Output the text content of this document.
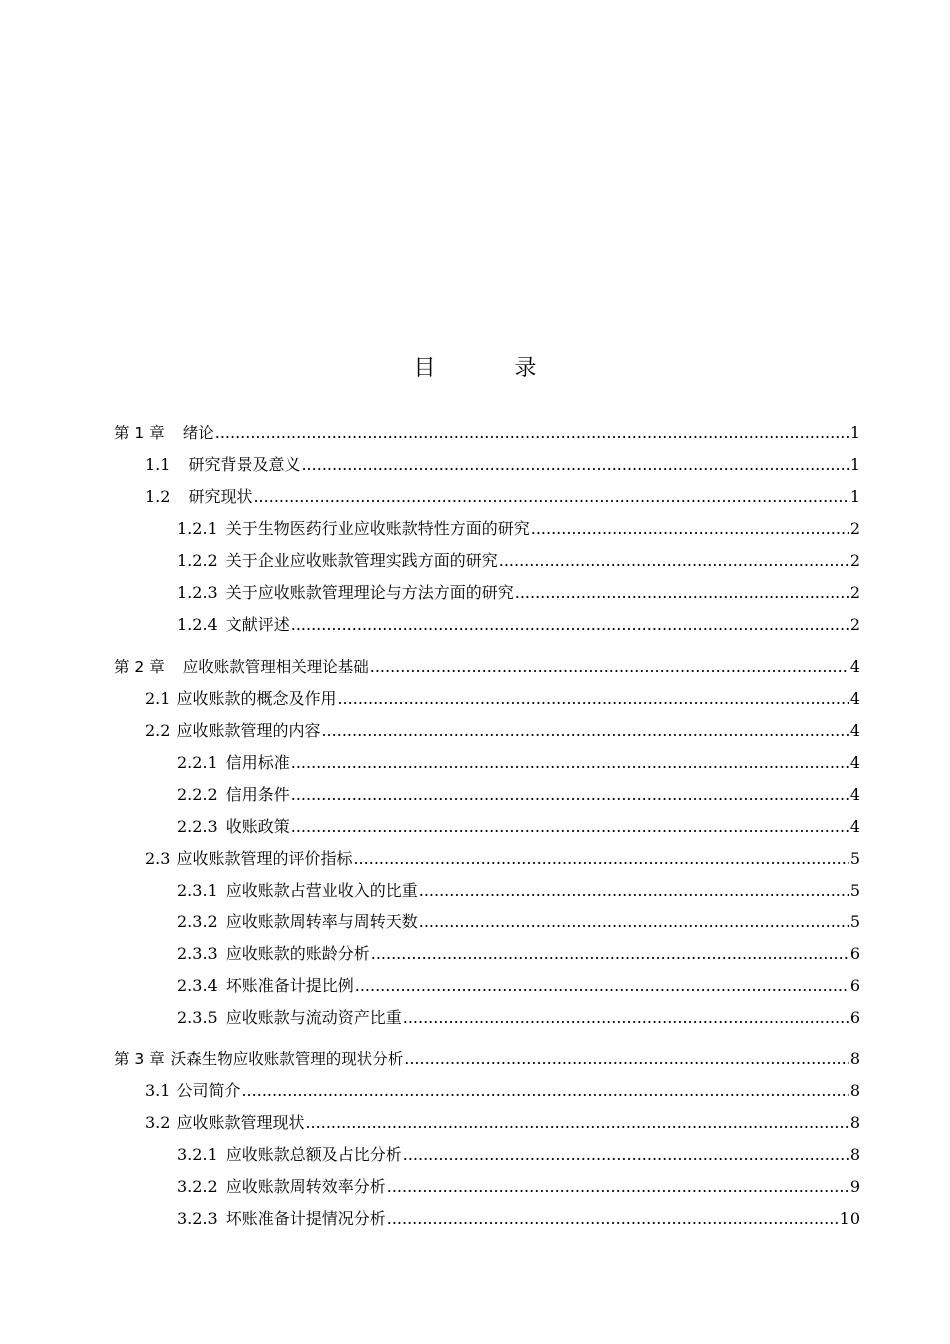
目 录
第 1 章 绪论 .....	1
1.1 研究背景及意义 .....	1
1.2 研究现状 .....	1
1.2.1 关于生物医药行业应收账款特性方面的研究 .....	2
1.2.2 关于企业应收账款管理实践方面的研究 .....	2
1.2.3 关于应收账款管理理论与方法方面的研究 .....	2
1.2.4 文献评述 .....	2
第 2 章 应收账款管理相关理论基础 .....	4
2.1 应收账款的概念及作用 .....	4
2.2 应收账款管理的内容 .....	4
2.2.1 信用标准 .....	4
2.2.2 信用条件 .....	4
2.2.3 收账政策 .....	4
2.3 应收账款管理的评价指标 .....	5
2.3.1 应收账款占营业收入的比重 .....	5
2.3.2 应收账款周转率与周转天数 .....	5
2.3.3 应收账款的账龄分析 .....	6
2.3.4 坏账准备计提比例 .....	6
2.3.5 应收账款与流动资产比重 .....	6
第 3 章 沃森生物应收账款管理的现状分析 .....	8
3.1 公司简介 .....	8
3.2 应收账款管理现状 .....	8
3.2.1 应收账款总额及占比分析 .....	8
3.2.2 应收账款周转效率分析 .....	9
3.2.3 坏账准备计提情况分析 .....	10
